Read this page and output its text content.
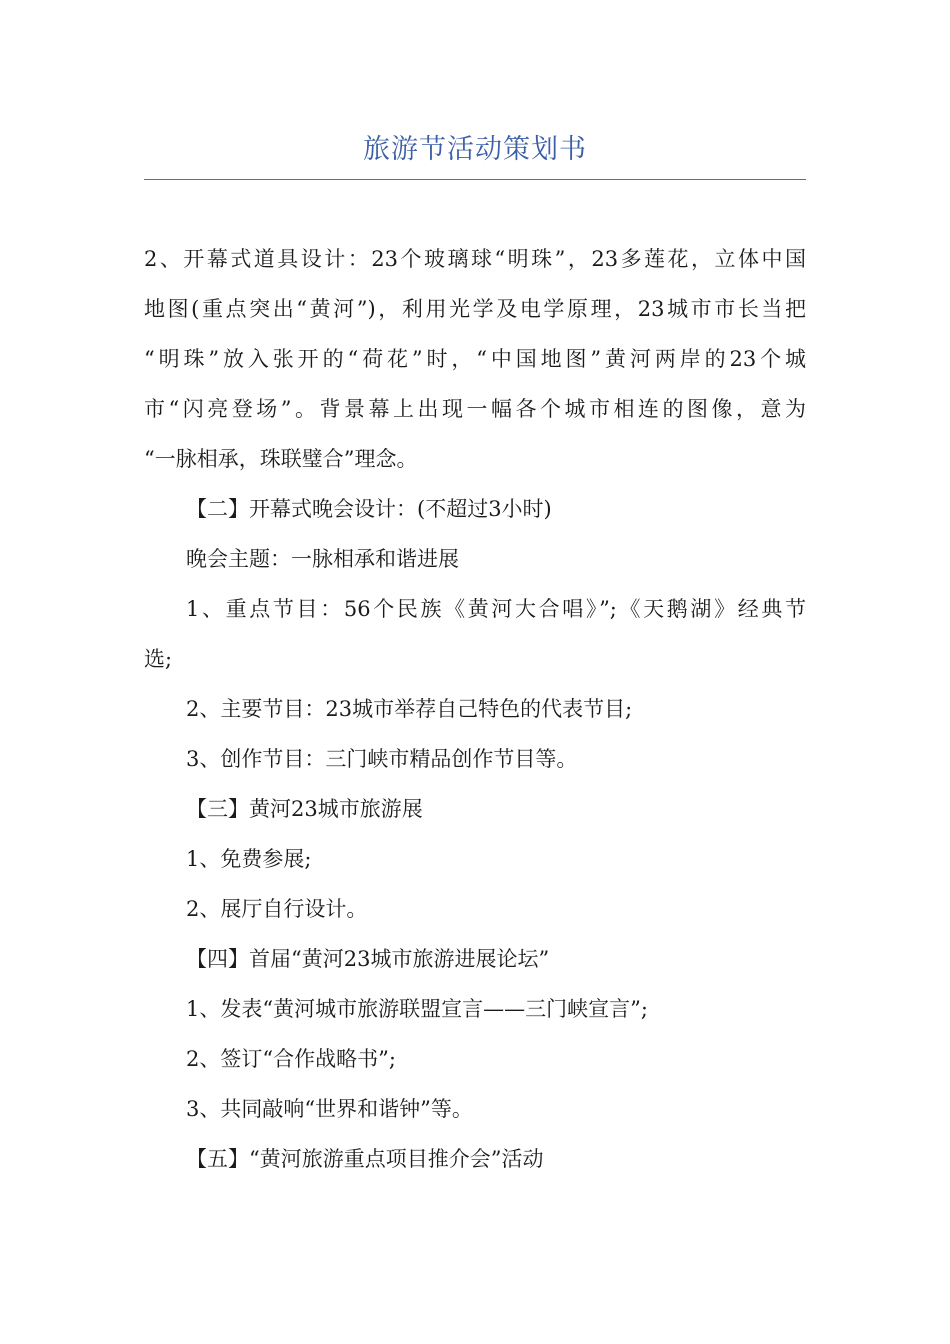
旅游节活动策划书

2、开幕式道具设计：23个玻璃球“明珠”，23多莲花，立体中国
地图(重点突出“黄河”)，利用光学及电学原理，23城市市长当把
“明珠”放入张开的“荷花”时，“中国地图”黄河两岸的23个城
市“闪亮登场”。背景幕上出现一幅各个城市相连的图像，意为
“一脉相承，珠联璧合”理念。

【二】开幕式晚会设计：(不超过3小时)

晚会主题：一脉相承和谐进展

1、重点节目：56个民族《黄河大合唱》”;《天鹅湖》经典节
选;

2、主要节目：23城市举荐自己特色的代表节目;

3、创作节目：三门峡市精品创作节目等。

【三】黄河23城市旅游展

1、免费参展;

2、展厅自行设计。

【四】首届“黄河23城市旅游进展论坛”

1、发表“黄河城市旅游联盟宣言——三门峡宣言”;

2、签订“合作战略书”;

3、共同敲响“世界和谐钟”等。

【五】“黄河旅游重点项目推介会”活动
